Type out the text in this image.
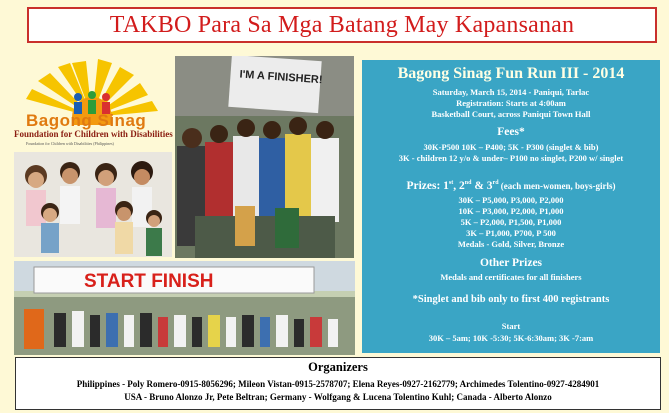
TAKBO Para Sa Mga Batang May Kapansanan
Bagong Sinag
Foundation for Children with Disabilities
Foundation for Children with Disabilities (Philippines)
I'M A FINISHER!
START FINISH
Bagong Sinag Fun Run III - 2014
Saturday, March 15, 2014 - Paniqui, Tarlac
Registration: Starts at 4:00am
Basketball Court, across Paniqui Town Hall
Fees*
30K-P500 10K – P400; 5K - P300 (singlet & bib)
3K - children 12 y/o & under– P100 no singlet, P200 w/ singlet
Prizes: 1st, 2nd & 3rd (each men-women, boys-girls)
30K – P5,000, P3,000, P2,000
10K – P3,000, P2,000, P1,000
5K – P2,000, P1,500, P1,000
3K – P1,000, P700, P 500
Medals - Gold, Silver, Bronze
Other Prizes
Medals and certificates for all finishers
*Singlet and bib only to first 400 registrants
Start
30K – 5am; 10K -5:30; 5K-6:30am; 3K -7:am
Organizers
Philippines - Poly Romero-0915-8056296; Mileon Vistan-0915-2578707; Elena Reyes-0927-2162779; Archimedes Tolentino-0927-4284901
USA - Bruno Alonzo Jr, Pete Beltran; Germany - Wolfgang & Lucena Tolentino Kuhl; Canada - Alberto Alonzo
